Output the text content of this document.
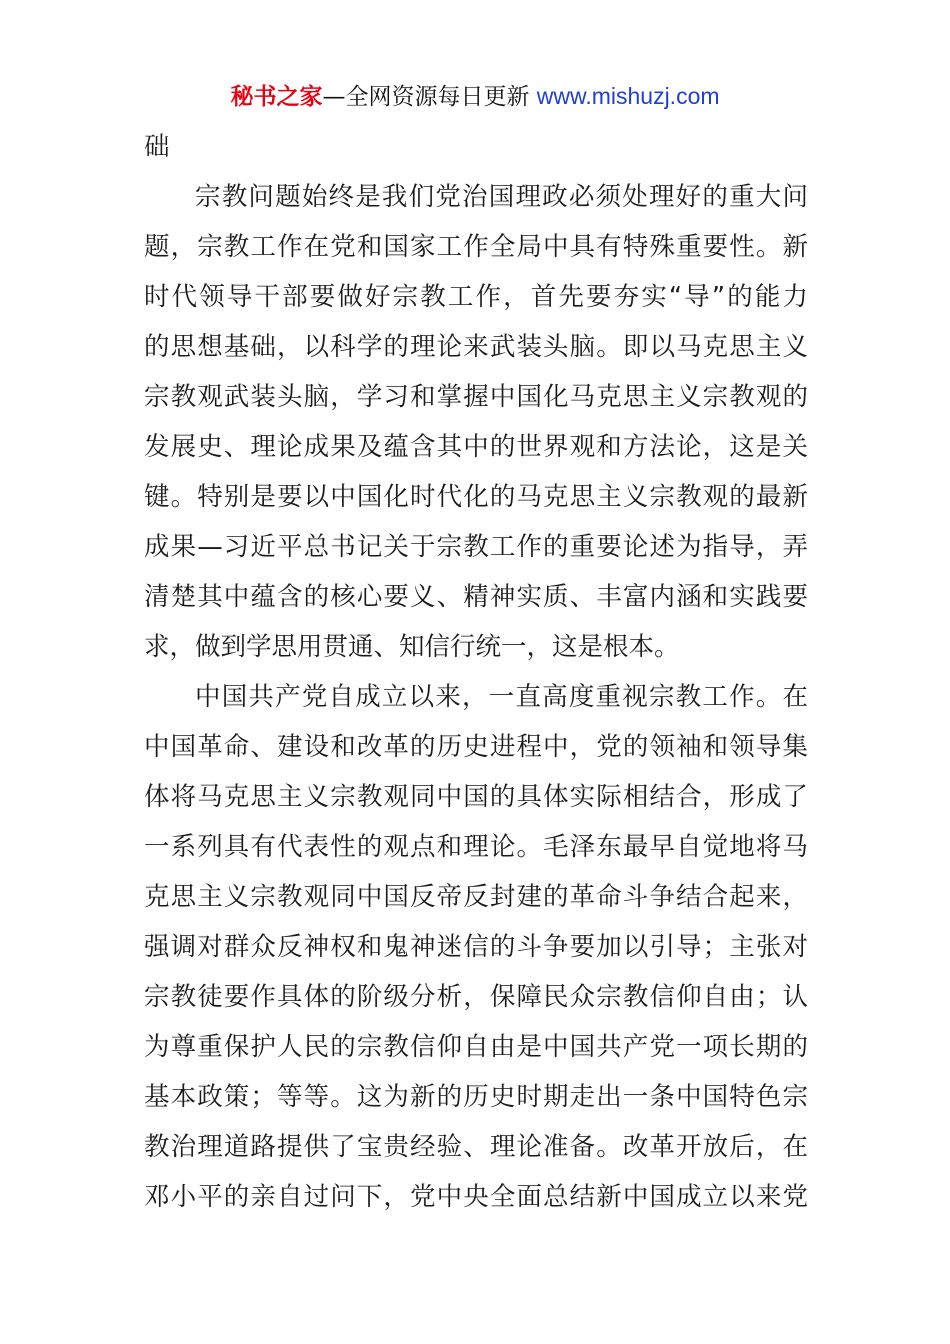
秘书之家—全网资源每日更新 www.mishuzj.com
础
宗教问题始终是我们党治国理政必须处理好的重大问
题，宗教工作在党和国家工作全局中具有特殊重要性。新
时代领导干部要做好宗教工作，首先要夯实“导”的能力
的思想基础，以科学的理论来武装头脑。即以马克思主义
宗教观武装头脑，学习和掌握中国化马克思主义宗教观的
发展史、理论成果及蕴含其中的世界观和方法论，这是关
键。特别是要以中国化时代化的马克思主义宗教观的最新
成果—习近平总书记关于宗教工作的重要论述为指导，弄
清楚其中蕴含的核心要义、精神实质、丰富内涵和实践要
求，做到学思用贯通、知信行统一，这是根本。
中国共产党自成立以来，一直高度重视宗教工作。在
中国革命、建设和改革的历史进程中，党的领袖和领导集
体将马克思主义宗教观同中国的具体实际相结合，形成了
一系列具有代表性的观点和理论。毛泽东最早自觉地将马
克思主义宗教观同中国反帝反封建的革命斗争结合起来，
强调对群众反神权和鬼神迷信的斗争要加以引导；主张对
宗教徒要作具体的阶级分析，保障民众宗教信仰自由；认
为尊重保护人民的宗教信仰自由是中国共产党一项长期的
基本政策；等等。这为新的历史时期走出一条中国特色宗
教治理道路提供了宝贵经验、理论准备。改革开放后，在
邓小平的亲自过问下，党中央全面总结新中国成立以来党
